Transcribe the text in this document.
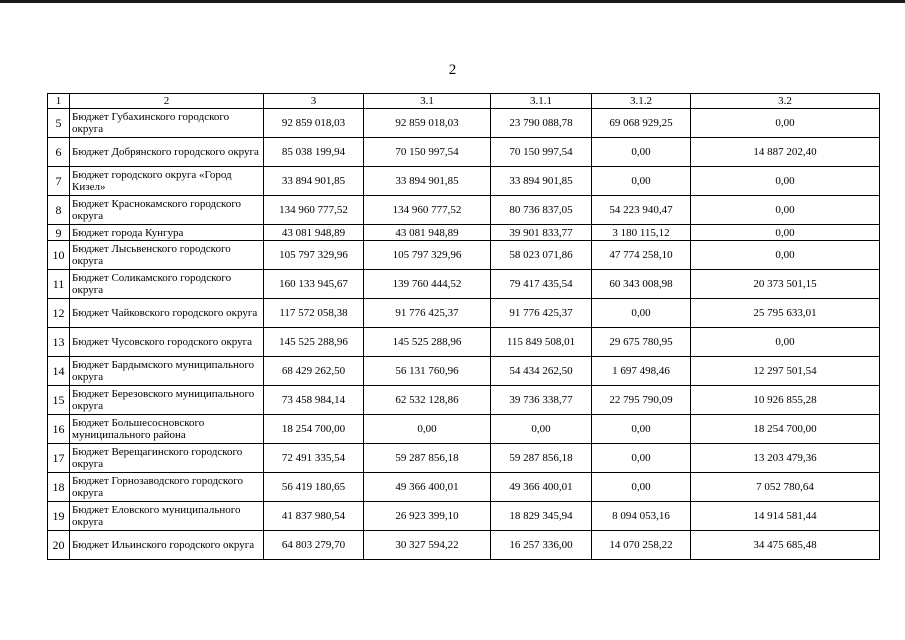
2
1	2	3	3.1	3.1.1	3.1.2	3.2
5	Бюджет Губахинского городского округа	92 859 018,03	92 859 018,03	23 790 088,78	69 068 929,25	0,00
6	Бюджет Добрянского городского округа	85 038 199,94	70 150 997,54	70 150 997,54	0,00	14 887 202,40
7	Бюджет городского округа «Город Кизел»	33 894 901,85	33 894 901,85	33 894 901,85	0,00	0,00
8	Бюджет Краснокамского городского округа	134 960 777,52	134 960 777,52	80 736 837,05	54 223 940,47	0,00
9	Бюджет города Кунгура	43 081 948,89	43 081 948,89	39 901 833,77	3 180 115,12	0,00
10	Бюджет Лысьвенского городского округа	105 797 329,96	105 797 329,96	58 023 071,86	47 774 258,10	0,00
11	Бюджет Соликамского городского округа	160 133 945,67	139 760 444,52	79 417 435,54	60 343 008,98	20 373 501,15
12	Бюджет Чайковского городского округа	117 572 058,38	91 776 425,37	91 776 425,37	0,00	25 795 633,01
13	Бюджет Чусовского городского округа	145 525 288,96	145 525 288,96	115 849 508,01	29 675 780,95	0,00
14	Бюджет Бардымского муниципального округа	68 429 262,50	56 131 760,96	54 434 262,50	1 697 498,46	12 297 501,54
15	Бюджет Березовского муниципального округа	73 458 984,14	62 532 128,86	39 736 338,77	22 795 790,09	10 926 855,28
16	Бюджет Большесосновского муниципального района	18 254 700,00	0,00	0,00	0,00	18 254 700,00
17	Бюджет Верещагинского городского округа	72 491 335,54	59 287 856,18	59 287 856,18	0,00	13 203 479,36
18	Бюджет Горнозаводского городского округа	56 419 180,65	49 366 400,01	49 366 400,01	0,00	7 052 780,64
19	Бюджет Еловского муниципального округа	41 837 980,54	26 923 399,10	18 829 345,94	8 094 053,16	14 914 581,44
20	Бюджет Ильинского городского округа	64 803 279,70	30 327 594,22	16 257 336,00	14 070 258,22	34 475 685,48
